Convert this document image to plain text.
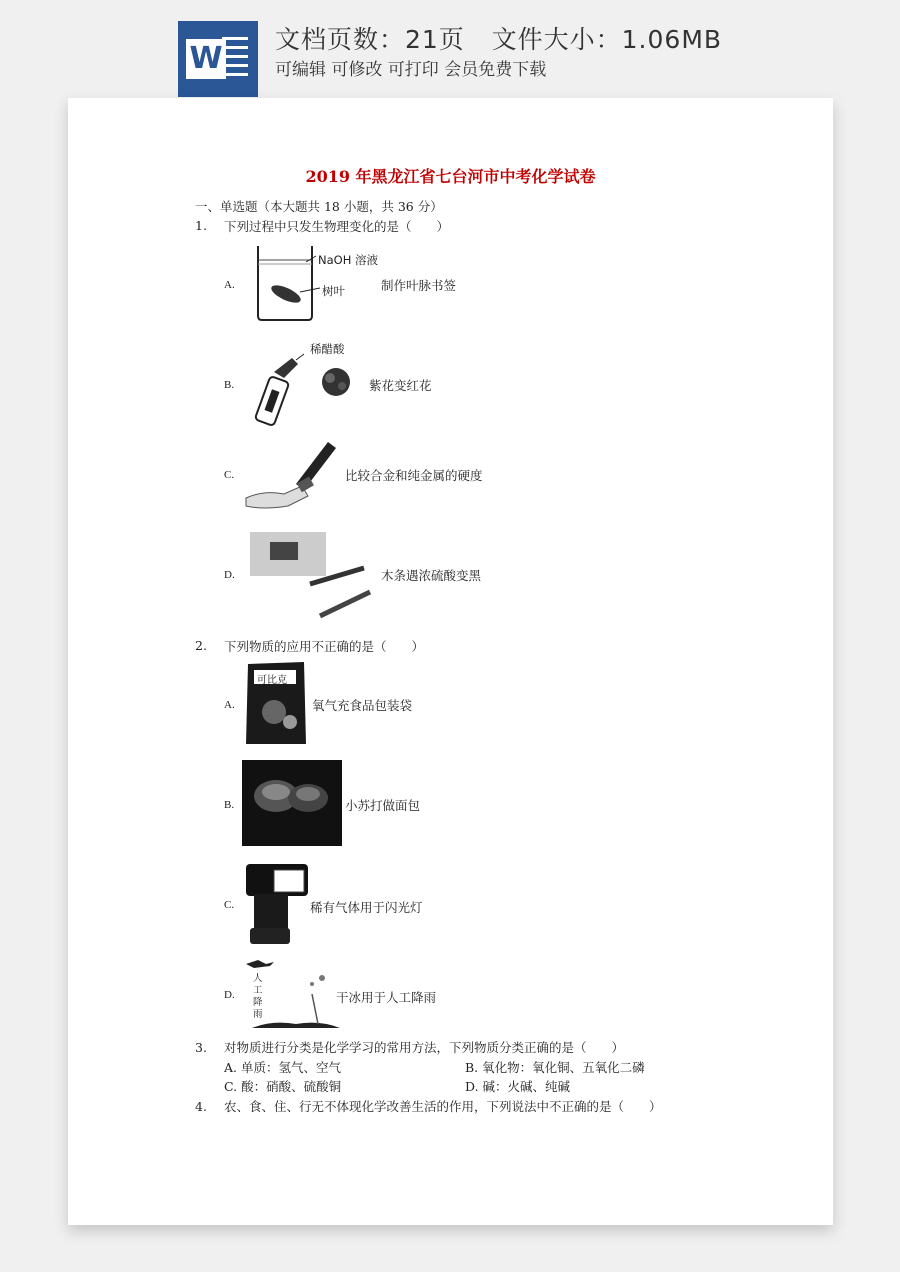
W
文档页数：21页   文件大小：1.06MB
可编辑 可修改 可打印 会员免费下载
2019 年黑龙江省七台河市中考化学试卷
一、单选题（本大题共 18 小题，共 36 分）
1. 下列过程中只发生物理变化的是（　　）
A.
NaOH 溶液
树叶	制作叶脉书签
B.
稀醋酸
紫花变红花
C.	比较合金和纯金属的硬度
D.	木条遇浓硫酸变黑
2. 下列物质的应用不正确的是（　　）
A.
可比克
氧气充食品包装袋
B.	小苏打做面包
C.	稀有气体用于闪光灯
D.
人
工
降
雨
干冰用于人工降雨
3. 对物质进行分类是化学学习的常用方法，下列物质分类正确的是（　　）
A. 单质：氢气、空气	B. 氧化物：氧化铜、五氧化二磷
C. 酸：硝酸、硫酸铜	D. 碱：火碱、纯碱
4. 农、食、住、行无不体现化学改善生活的作用，下列说法中不正确的是（　　）
